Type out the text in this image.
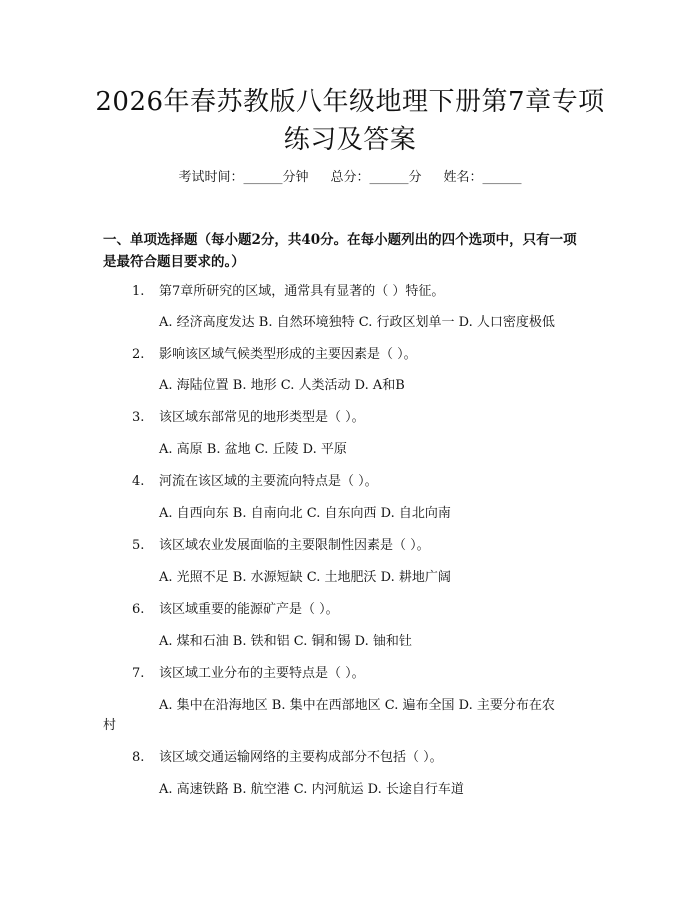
2026年春苏教版八年级地理下册第7章专项
练习及答案
考试时间：______分钟 总分：______分 姓名：______
一、单项选择题（每小题2分，共40分。在每小题列出的四个选项中，只有一项
是最符合题目要求的。）
1. 第7章所研究的区域，通常具有显著的（ ）特征。
A. 经济高度发达 B. 自然环境独特 C. 行政区划单一 D. 人口密度极低
2. 影响该区域气候类型形成的主要因素是（ ）。
A. 海陆位置 B. 地形 C. 人类活动 D. A和B
3. 该区域东部常见的地形类型是（ ）。
A. 高原 B. 盆地 C. 丘陵 D. 平原
4. 河流在该区域的主要流向特点是（ ）。
A. 自西向东 B. 自南向北 C. 自东向西 D. 自北向南
5. 该区域农业发展面临的主要限制性因素是（ ）。
A. 光照不足 B. 水源短缺 C. 土地肥沃 D. 耕地广阔
6. 该区域重要的能源矿产是（ ）。
A. 煤和石油 B. 铁和铝 C. 铜和锡 D. 铀和钍
7. 该区域工业分布的主要特点是（ ）。
A. 集中在沿海地区 B. 集中在西部地区 C. 遍布全国 D. 主要分布在农
村
8. 该区域交通运输网络的主要构成部分不包括（ ）。
A. 高速铁路 B. 航空港 C. 内河航运 D. 长途自行车道
